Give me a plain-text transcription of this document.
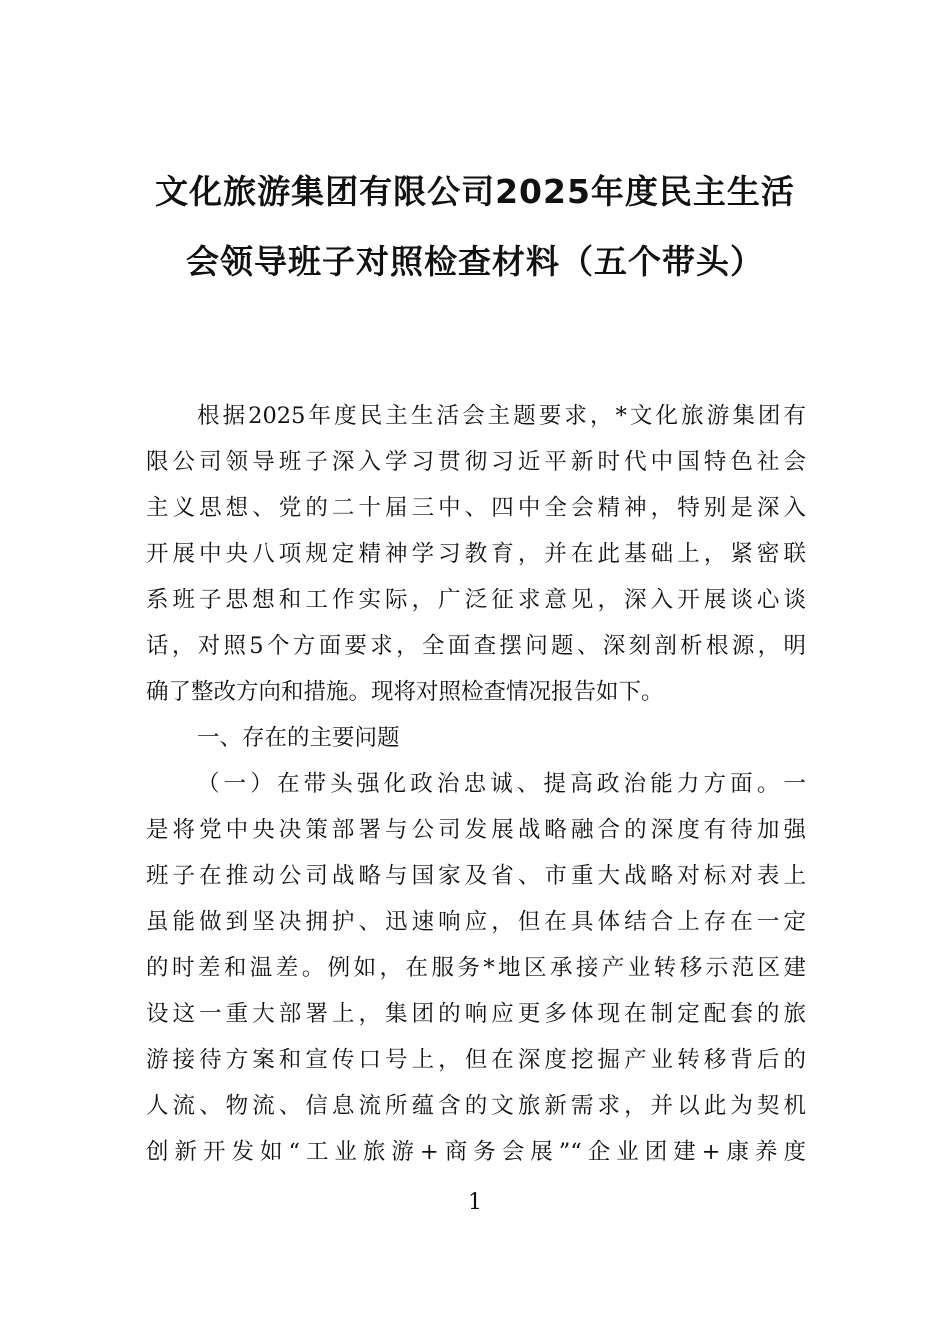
文化旅游集团有限公司2025年度民主生活
会领导班子对照检查材料（五个带头）
根据2025年度民主生活会主题要求，*文化旅游集团有
限公司领导班子深入学习贯彻习近平新时代中国特色社会
主义思想、党的二十届三中、四中全会精神，特别是深入
开展中央八项规定精神学习教育，并在此基础上，紧密联
系班子思想和工作实际，广泛征求意见，深入开展谈心谈
话，对照5个方面要求，全面查摆问题、深刻剖析根源，明
确了整改方向和措施。现将对照检查情况报告如下。
一、存在的主要问题
（一）在带头强化政治忠诚、提高政治能力方面。一
是将党中央决策部署与公司发展战略融合的深度有待加强
班子在推动公司战略与国家及省、市重大战略对标对表上
虽能做到坚决拥护、迅速响应，但在具体结合上存在一定
的时差和温差。例如，在服务*地区承接产业转移示范区建
设这一重大部署上，集团的响应更多体现在制定配套的旅
游接待方案和宣传口号上，但在深度挖掘产业转移背后的
人流、物流、信息流所蕴含的文旅新需求，并以此为契机
创新开发如“工业旅游+商务会展”“企业团建+康养度
1
